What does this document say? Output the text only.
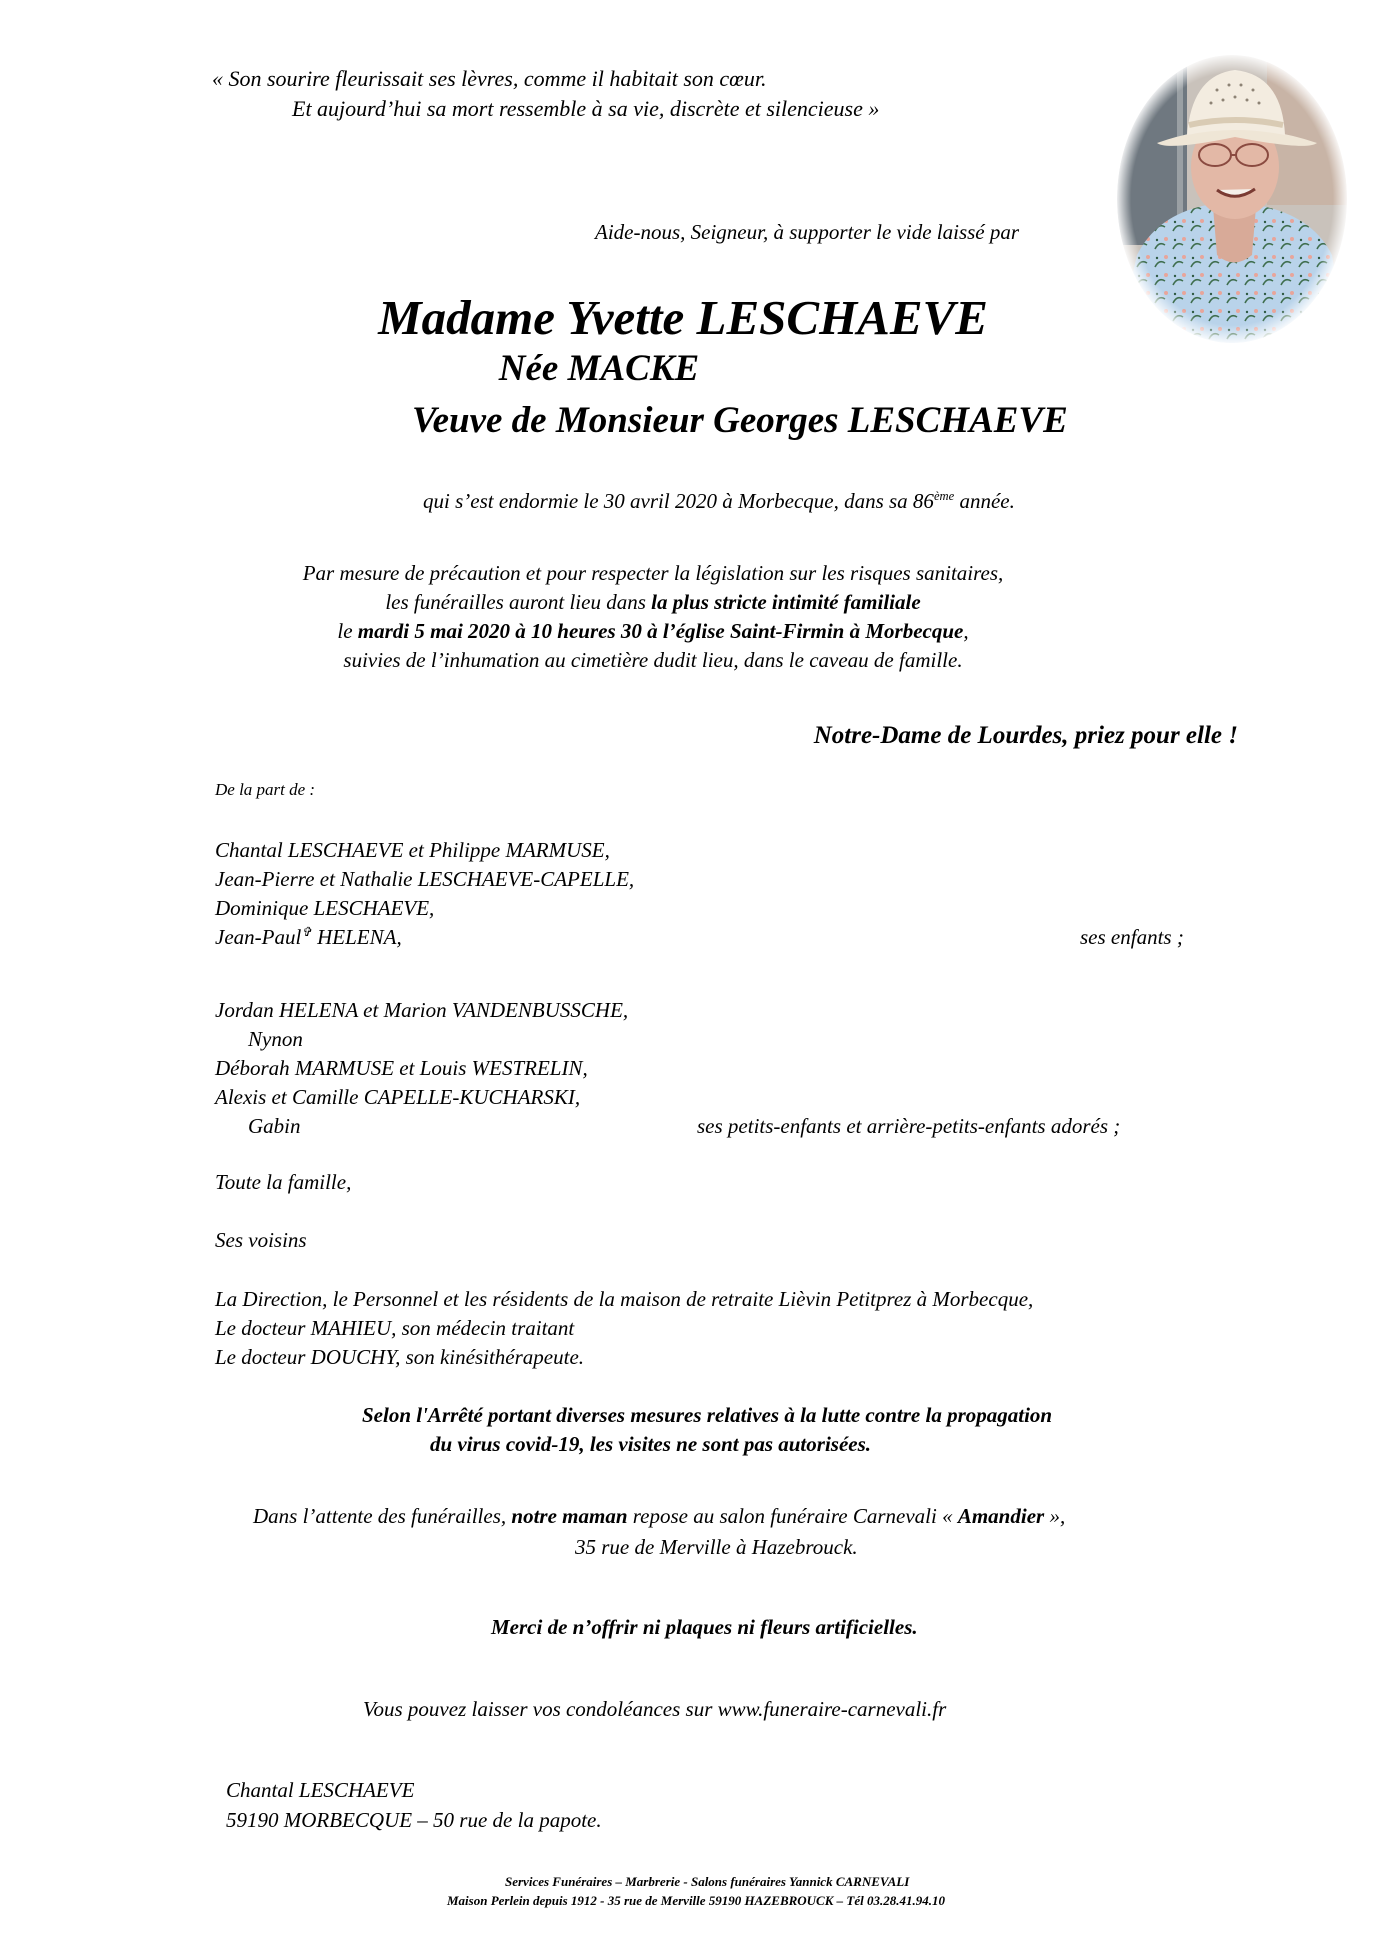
« Son sourire fleurissait ses lèvres, comme il habitait son cœur.
Et aujourd’hui sa mort ressemble à sa vie, discrète et silencieuse »
Aide-nous, Seigneur, à supporter le vide laissé par
Madame Yvette LESCHAEVE
Née MACKE
Veuve de Monsieur Georges LESCHAEVE
qui s’est endormie le 30 avril 2020 à Morbecque, dans sa 86ème année.
Par mesure de précaution et pour respecter la législation sur les risques sanitaires,
les funérailles auront lieu dans la plus stricte intimité familiale
le mardi 5 mai 2020 à 10 heures 30 à l’église Saint-Firmin à Morbecque,
suivies de l’inhumation au cimetière dudit lieu, dans le caveau de famille.
Notre-Dame de Lourdes, priez pour elle !
De la part de :
Chantal LESCHAEVE et Philippe MARMUSE,
Jean-Pierre et Nathalie LESCHAEVE-CAPELLE,
Dominique LESCHAEVE,
Jean-Paul✞ HELENA,	ses enfants ;
Jordan HELENA et Marion VANDENBUSSCHE,
Nynon
Déborah MARMUSE et Louis WESTRELIN,
Alexis et Camille CAPELLE-KUCHARSKI,
Gabin	ses petits-enfants et arrière-petits-enfants adorés ;
Toute la famille,
Ses voisins
La Direction, le Personnel et les résidents de la maison de retraite Lièvin Petitprez à Morbecque,
Le docteur MAHIEU, son médecin traitant
Le docteur DOUCHY, son kinésithérapeute.
Selon l'Arrêté portant diverses mesures relatives à la lutte contre la propagation
du virus covid-19, les visites ne sont pas autorisées.
Dans l’attente des funérailles, notre maman repose au salon funéraire Carnevali « Amandier »,
35 rue de Merville à Hazebrouck.
Merci de n’offrir ni plaques ni fleurs artificielles.
Vous pouvez laisser vos condoléances sur www.funeraire-carnevali.fr
Chantal LESCHAEVE
59190 MORBECQUE – 50 rue de la papote.
Services Funéraires – Marbrerie - Salons funéraires Yannick CARNEVALI
Maison Perlein depuis 1912 - 35 rue de Merville 59190 HAZEBROUCK – Tél 03.28.41.94.10
